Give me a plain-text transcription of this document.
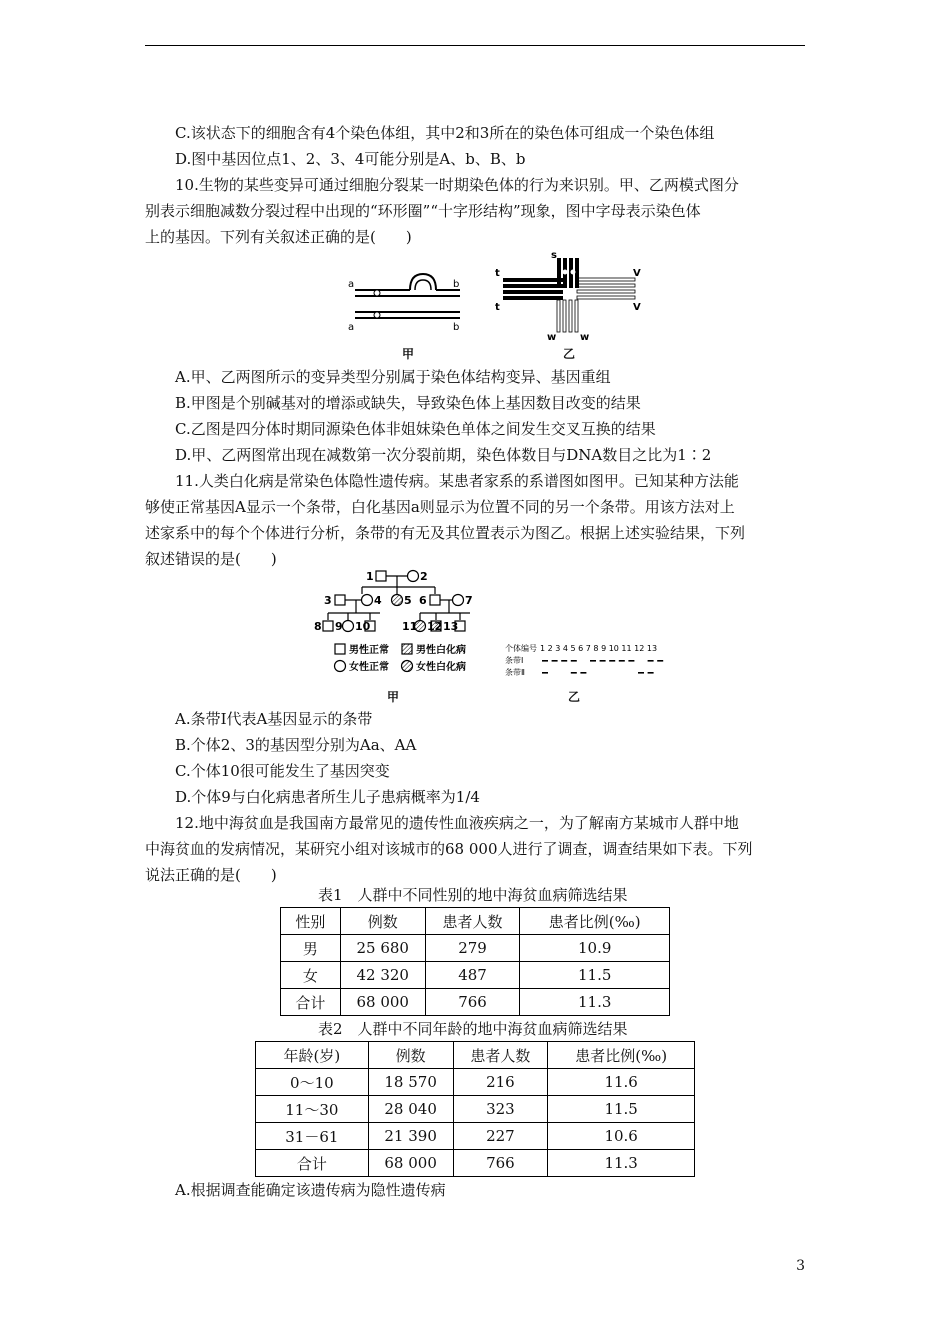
C.该状态下的细胞含有4个染色体组，其中2和3所在的染色体可组成一个染色体组
D.图中基因位点1、2、3、4可能分别是A、b、B、b
10.生物的某些变异可通过细胞分裂某一时期染色体的行为来识别。甲、乙两模式图分
别表示细胞减数分裂过程中出现的“环形圈”“十字形结构”现象，图中字母表示染色体
上的基因。下列有关叙述正确的是(　　)
a	b
a	b
s
t	V
t	V
w w
甲	乙
A.甲、乙两图所示的变异类型分别属于染色体结构变异、基因重组
B.甲图是个别碱基对的增添或缺失，导致染色体上基因数目改变的结果
C.乙图是四分体时期同源染色体非姐妹染色单体之间发生交叉互换的结果
D.甲、乙两图常出现在减数第一次分裂前期，染色体数目与DNA数目之比为1∶2
11.人类白化病是常染色体隐性遗传病。某患者家系的系谱图如图甲。已知某种方法能
够使正常基因A显示一个条带，白化基因a则显示为位置不同的另一个条带。用该方法对上
述家系中的每个个体进行分析，条带的有无及其位置表示为图乙。根据上述实验结果，下列
叙述错误的是(　　)
1	2
3	4 5 6	7
8 9 10	11 12 13
男性正常	男性白化病
女性正常	女性白化病
个体编号 1 2 3 4 5 6 7 8 9 10 11 12 13
条带Ⅰ
条带Ⅱ
甲	乙
A.条带Ⅰ代表A基因显示的条带
B.个体2、3的基因型分别为Aa、AA
C.个体10很可能发生了基因突变
D.个体9与白化病患者所生儿子患病概率为1/4
12.地中海贫血是我国南方最常见的遗传性血液疾病之一，为了解南方某城市人群中地
中海贫血的发病情况，某研究小组对该城市的68 000人进行了调查，调查结果如下表。下列
说法正确的是(　　)
表1　人群中不同性别的地中海贫血病筛选结果
性别	例数	患者人数	患者比例(‰)
男	25 680	279	10.9
女	42 320	487	11.5
合计	68 000	766	11.3
表2　人群中不同年龄的地中海贫血病筛选结果
年龄(岁)	例数	患者人数	患者比例(‰)
0～10	18 570	216	11.6
11～30	28 040	323	11.5
31－61	21 390	227	10.6
合计	68 000	766	11.3
A.根据调查能确定该遗传病为隐性遗传病
3
